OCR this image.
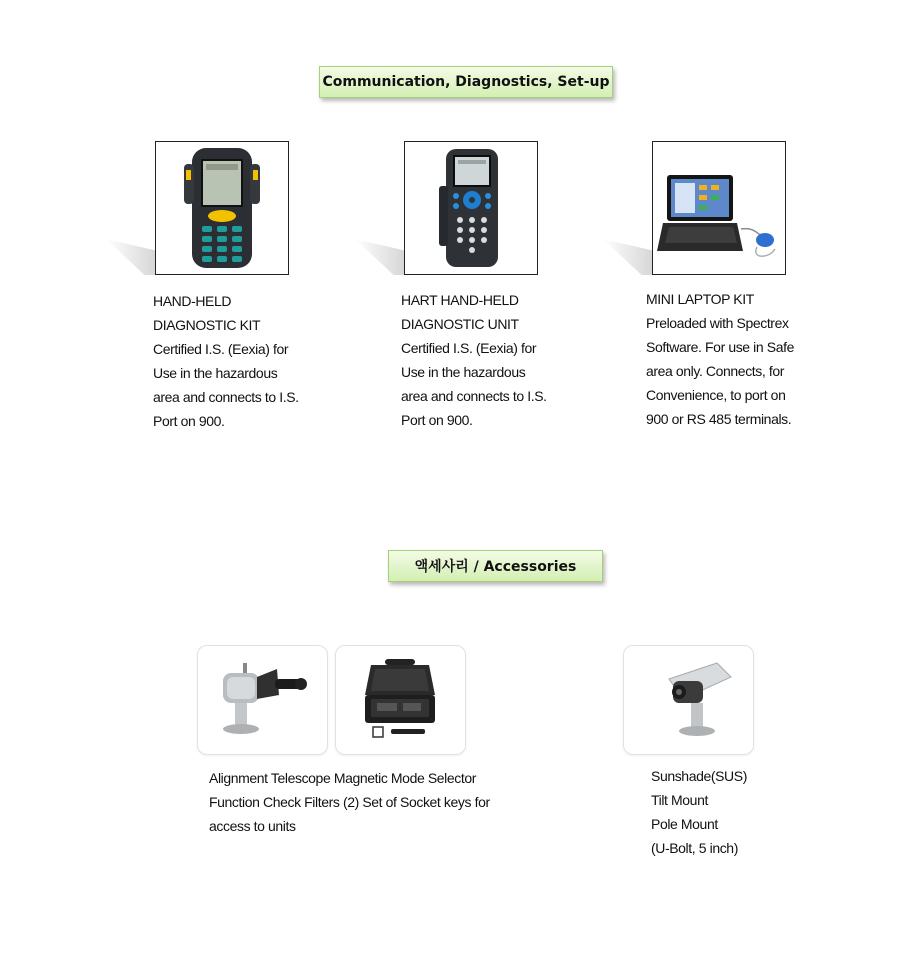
Communication, Diagnostics, Set-up
HAND-HELD
DIAGNOSTIC KIT
Certified I.S. (Eexia) for
Use in the hazardous
area and connects to I.S.
Port on 900.
HART HAND-HELD
DIAGNOSTIC UNIT
Certified I.S. (Eexia) for
Use in the hazardous
area and connects to I.S.
Port on 900.
MINI LAPTOP KIT
Preloaded with Spectrex
Software. For use in Safe
area only. Connects, for
Convenience, to port on
900 or RS 485 terminals.
액세사리 / Accessories
Alignment Telescope Magnetic Mode Selector
Function Check Filters (2) Set of Socket keys for
access to units
Sunshade(SUS)
Tilt Mount
Pole Mount
(U-Bolt, 5 inch)
